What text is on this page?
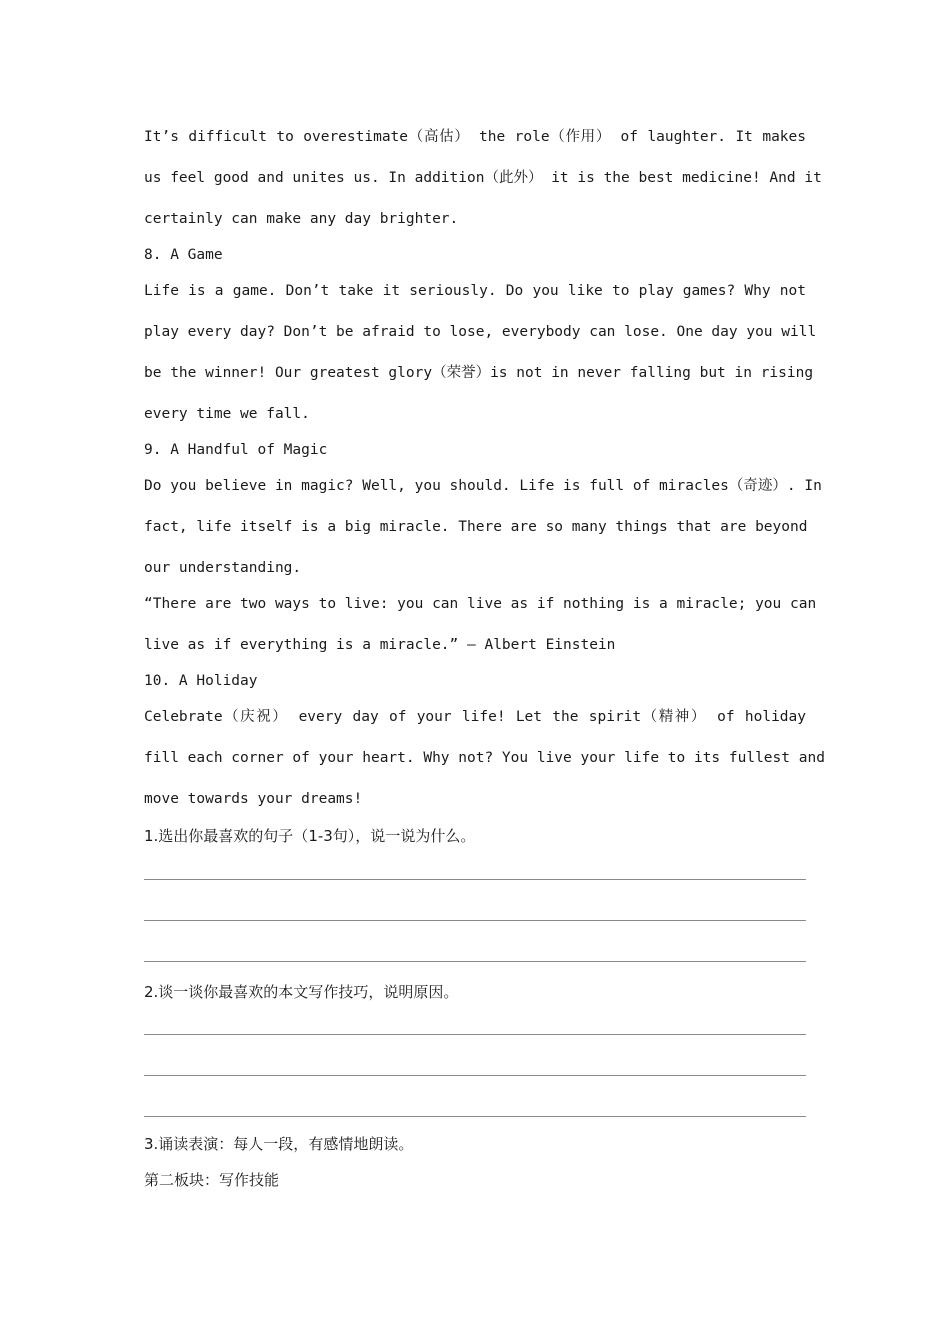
It’s difficult to overestimate（高估） the role（作用） of laughter. It makes
us feel good and unites us. In addition（此外） it is the best medicine! And it
certainly can make any day brighter.
8. A Game
Life is a game. Don’t take it seriously. Do you like to play games? Why not
play every day? Don’t be afraid to lose, everybody can lose. One day you will
be the winner! Our greatest glory（荣誉）is not in never falling but in rising
every time we fall.
9. A Handful of Magic
Do you believe in magic? Well, you should. Life is full of miracles（奇迹）. In
fact, life itself is a big miracle. There are so many things that are beyond
our understanding.
“There are two ways to live: you can live as if nothing is a miracle; you can
live as if everything is a miracle.” — Albert Einstein
10. A Holiday
Celebrate（庆祝） every day of your life! Let the spirit（精神） of holiday
fill each corner of your heart. Why not? You live your life to its fullest and
move towards your dreams!
1.选出你最喜欢的句子（1-3句），说一说为什么。
2.谈一谈你最喜欢的本文写作技巧，说明原因。
3.诵读表演：每人一段，有感情地朗读。
第二板块：写作技能
